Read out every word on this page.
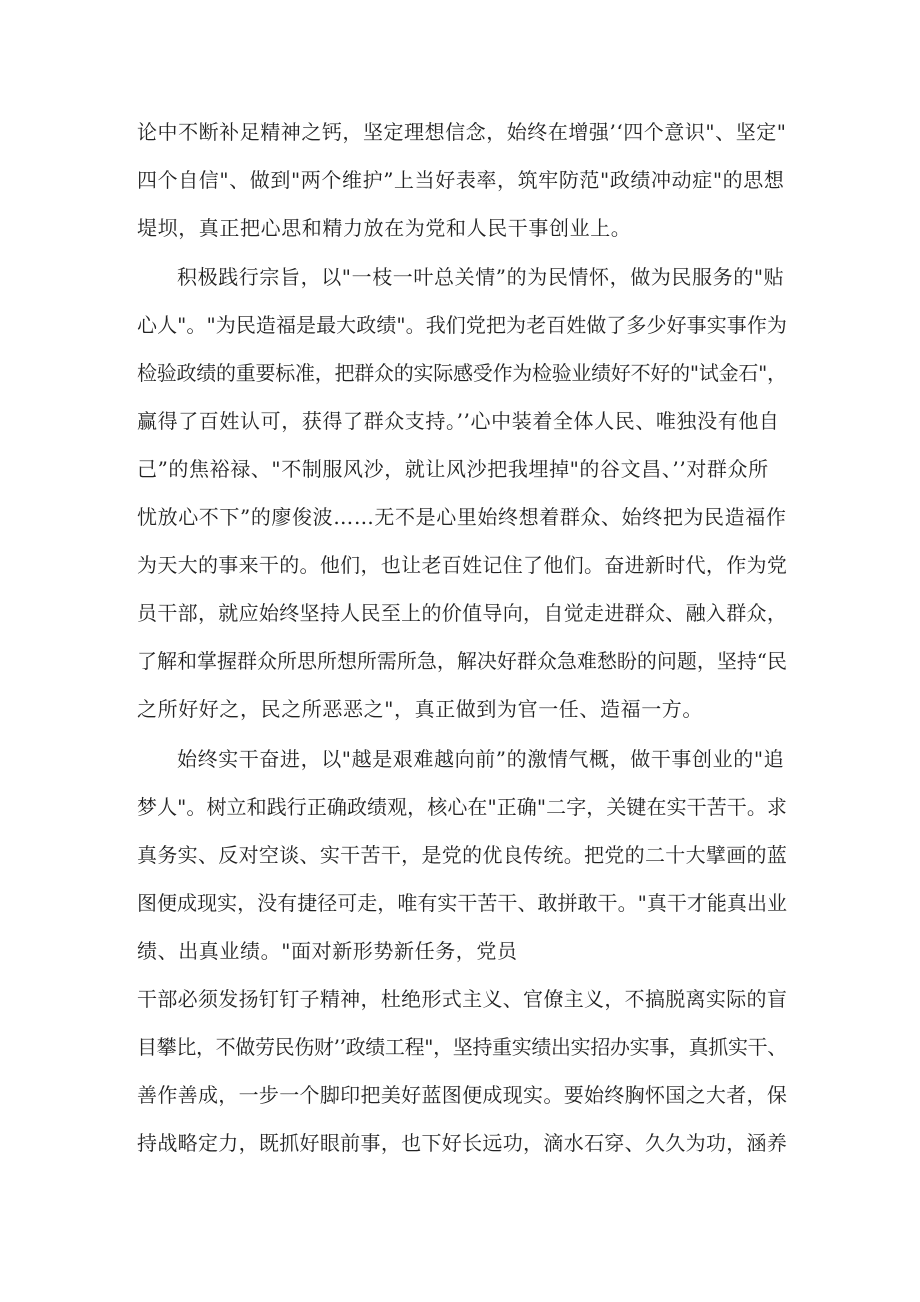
论中不断补足精神之钙，坚定理想信念，始终在增强’‘四个意识"、坚定"
四个自信"、做到"两个维护”上当好表率，筑牢防范"政绩冲动症"的思想
堤坝，真正把心思和精力放在为党和人民干事创业上。
积极践行宗旨，以"一枝一叶总关情”的为民情怀，做为民服务的"贴
心人"。"为民造福是最大政绩"。我们党把为老百姓做了多少好事实事作为
检验政绩的重要标准，把群众的实际感受作为检验业绩好不好的"试金石"，
赢得了百姓认可，获得了群众支持。’’心中装着全体人民、唯独没有他自
己”的焦裕禄、"不制服风沙，就让风沙把我埋掉"的谷文昌、’’对群众所
忧放心不下”的廖俊波……无不是心里始终想着群众、始终把为民造福作
为天大的事来干的。他们，也让老百姓记住了他们。奋进新时代，作为党
员干部，就应始终坚持人民至上的价值导向，自觉走进群众、融入群众，
了解和掌握群众所思所想所需所急，解决好群众急难愁盼的问题，坚持“民
之所好好之，民之所恶恶之"，真正做到为官一任、造福一方。
始终实干奋进，以"越是艰难越向前”的激情气概，做干事创业的"追
梦人"。树立和践行正确政绩观，核心在"正确"二字，关键在实干苦干。求
真务实、反对空谈、实干苦干，是党的优良传统。把党的二十大擘画的蓝
图便成现实，没有捷径可走，唯有实干苦干、敢拼敢干。"真干才能真出业
绩、出真业绩。"面对新形势新任务，党员
干部必须发扬钉钉子精神，杜绝形式主义、官僚主义，不搞脱离实际的盲
目攀比，不做劳民伤财’’政绩工程"，坚持重实绩出实招办实事，真抓实干、
善作善成，一步一个脚印把美好蓝图便成现实。要始终胸怀国之大者，保
持战略定力，既抓好眼前事，也下好长远功，滴水石穿、久久为功，涵养
